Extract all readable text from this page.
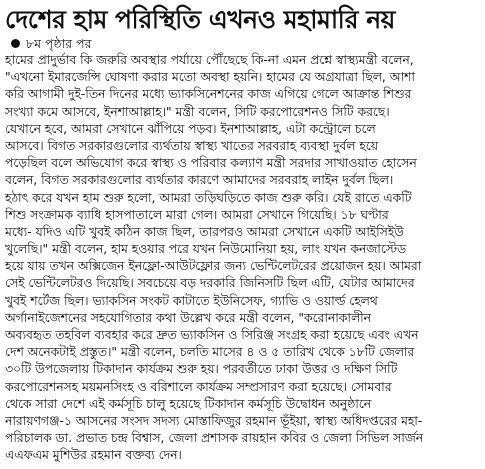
দেশের হাম পরিস্থিতি এখনও মহামারি নয়
৮ম পৃষ্ঠার পর
হামের প্রাদুর্ভাব কি জরুরি অবস্থার পর্যায়ে পৌঁছেছে কি-না এমন প্রশ্নে স্বাস্থ্যমন্ত্রী বলেন,
"এখনো ইমারজেন্সি ঘোষণা করার মতো অবস্থা হয়নি। হামের যে অগ্রযাত্রা ছিল, আশা
করি আগামী দুই-তিন দিনের মধ্যে ভ্যাকসিনেশনের কাজ এগিয়ে গেলে আক্রান্ত শিশুর
সংখ্যা কমে আসবে, ইনশাআল্লাহ।" মন্ত্রী বলেন, সিটি করপোরেশনও সিটি করছে।
যেখানে হবে, আমরা সেখানে ঝাঁপিয়ে পড়ব। ইনশাআল্লাহ, এটা কন্ট্রোলে চলে
আসবে। বিগত সরকারগুলোর ব্যর্থতায় স্বাস্থ্য খাতের সরবরাহ ব্যবস্থা দুর্বল হয়ে
পড়েছিল বলে অভিযোগ করে স্বাস্থ্য ও পরিবার কল্যাণ মন্ত্রী সরদার সাখাওয়াত হোসেন
বলেন, বিগত সরকারগুলোর ব্যর্থতার কারণে আমাদের সরবরাহ লাইন দুর্বল ছিল।
হঠাৎ করে যখন হাম শুরু হলো, আমরা তড়িঘড়িতে কাজ শুরু করি। যেই রাতে একটি
শিশু সংক্রামক ব্যাধি হাসপাতালে মারা গেল। আমরা সেখানে গিয়েছি। ১৮ ঘণ্টার
মধ্যে- যদিও এটি খুবই কঠিন কাজ ছিল, তারপরও আমরা সেখানে একটি আইসিইউ
খুলেছি।" মন্ত্রী বলেন, হাম হওয়ার পরে যখন নিউমোনিয়া হয়, লাং যখন কনজাস্টেড
হয়ে যায় তখন অক্সিজেন ইনফ্লো-আউটফ্লোর জন্য ভেন্টিলেটরের প্রয়োজন হয়। আমরা
সেই ভেন্টিলেটরও দিয়েছি। সবচেয়ে বড় দরকারি জিনিসটি ছিল এটি, যেটার আমাদের
খুবই শর্টেজ ছিল। ভ্যাকসিন সংকট কাটাতে ইউনিসেফ, গ্যাভি ও ওয়ার্ল্ড হেলথ
অর্গানাইজেশনের সহযোগিতার কথা উল্লেখ করে মন্ত্রী বলেন, "করোনাকালীন
অব্যবহৃত তহবিল ব্যবহার করে দ্রুত ভ্যাকসিন ও সিরিঞ্জ সংগ্রহ করা হয়েছে এবং এখন
দেশ অনেকটাই প্রস্তুত।" মন্ত্রী বলেন, চলতি মাসের ৪ ও ৫ তারিখ থেকে ১৮টি জেলার
৩০টি উপজেলায় টিকাদান কার্যক্রম শুরু হয়। পরবর্তীতে ঢাকা উত্তর ও দক্ষিণ সিটি
করপোরেশনসহ ময়মনসিংহ ও বরিশালে কার্যক্রম সম্প্রসারণ করা হয়েছে। সোমবার
থেকে সারা দেশে এই কর্মসূচি চালু হয়েছে টিকাদান কর্মসূচি উদ্বোধন অনুষ্ঠানে
নারায়ণগঞ্জ-১ আসনের সংসদ সদস্য মোস্তাফিজুর রহমান ভূঁইয়া, স্বাস্থ্য অধিদপ্তরের মহা-
পরিচালক ডা. প্রভাত চন্দ্র বিশ্বাস, জেলা প্রশাসক রায়হান কবির ও জেলা সিভিল সার্জন
এএফএম মুশিউর রহমান বক্তব্য দেন।
